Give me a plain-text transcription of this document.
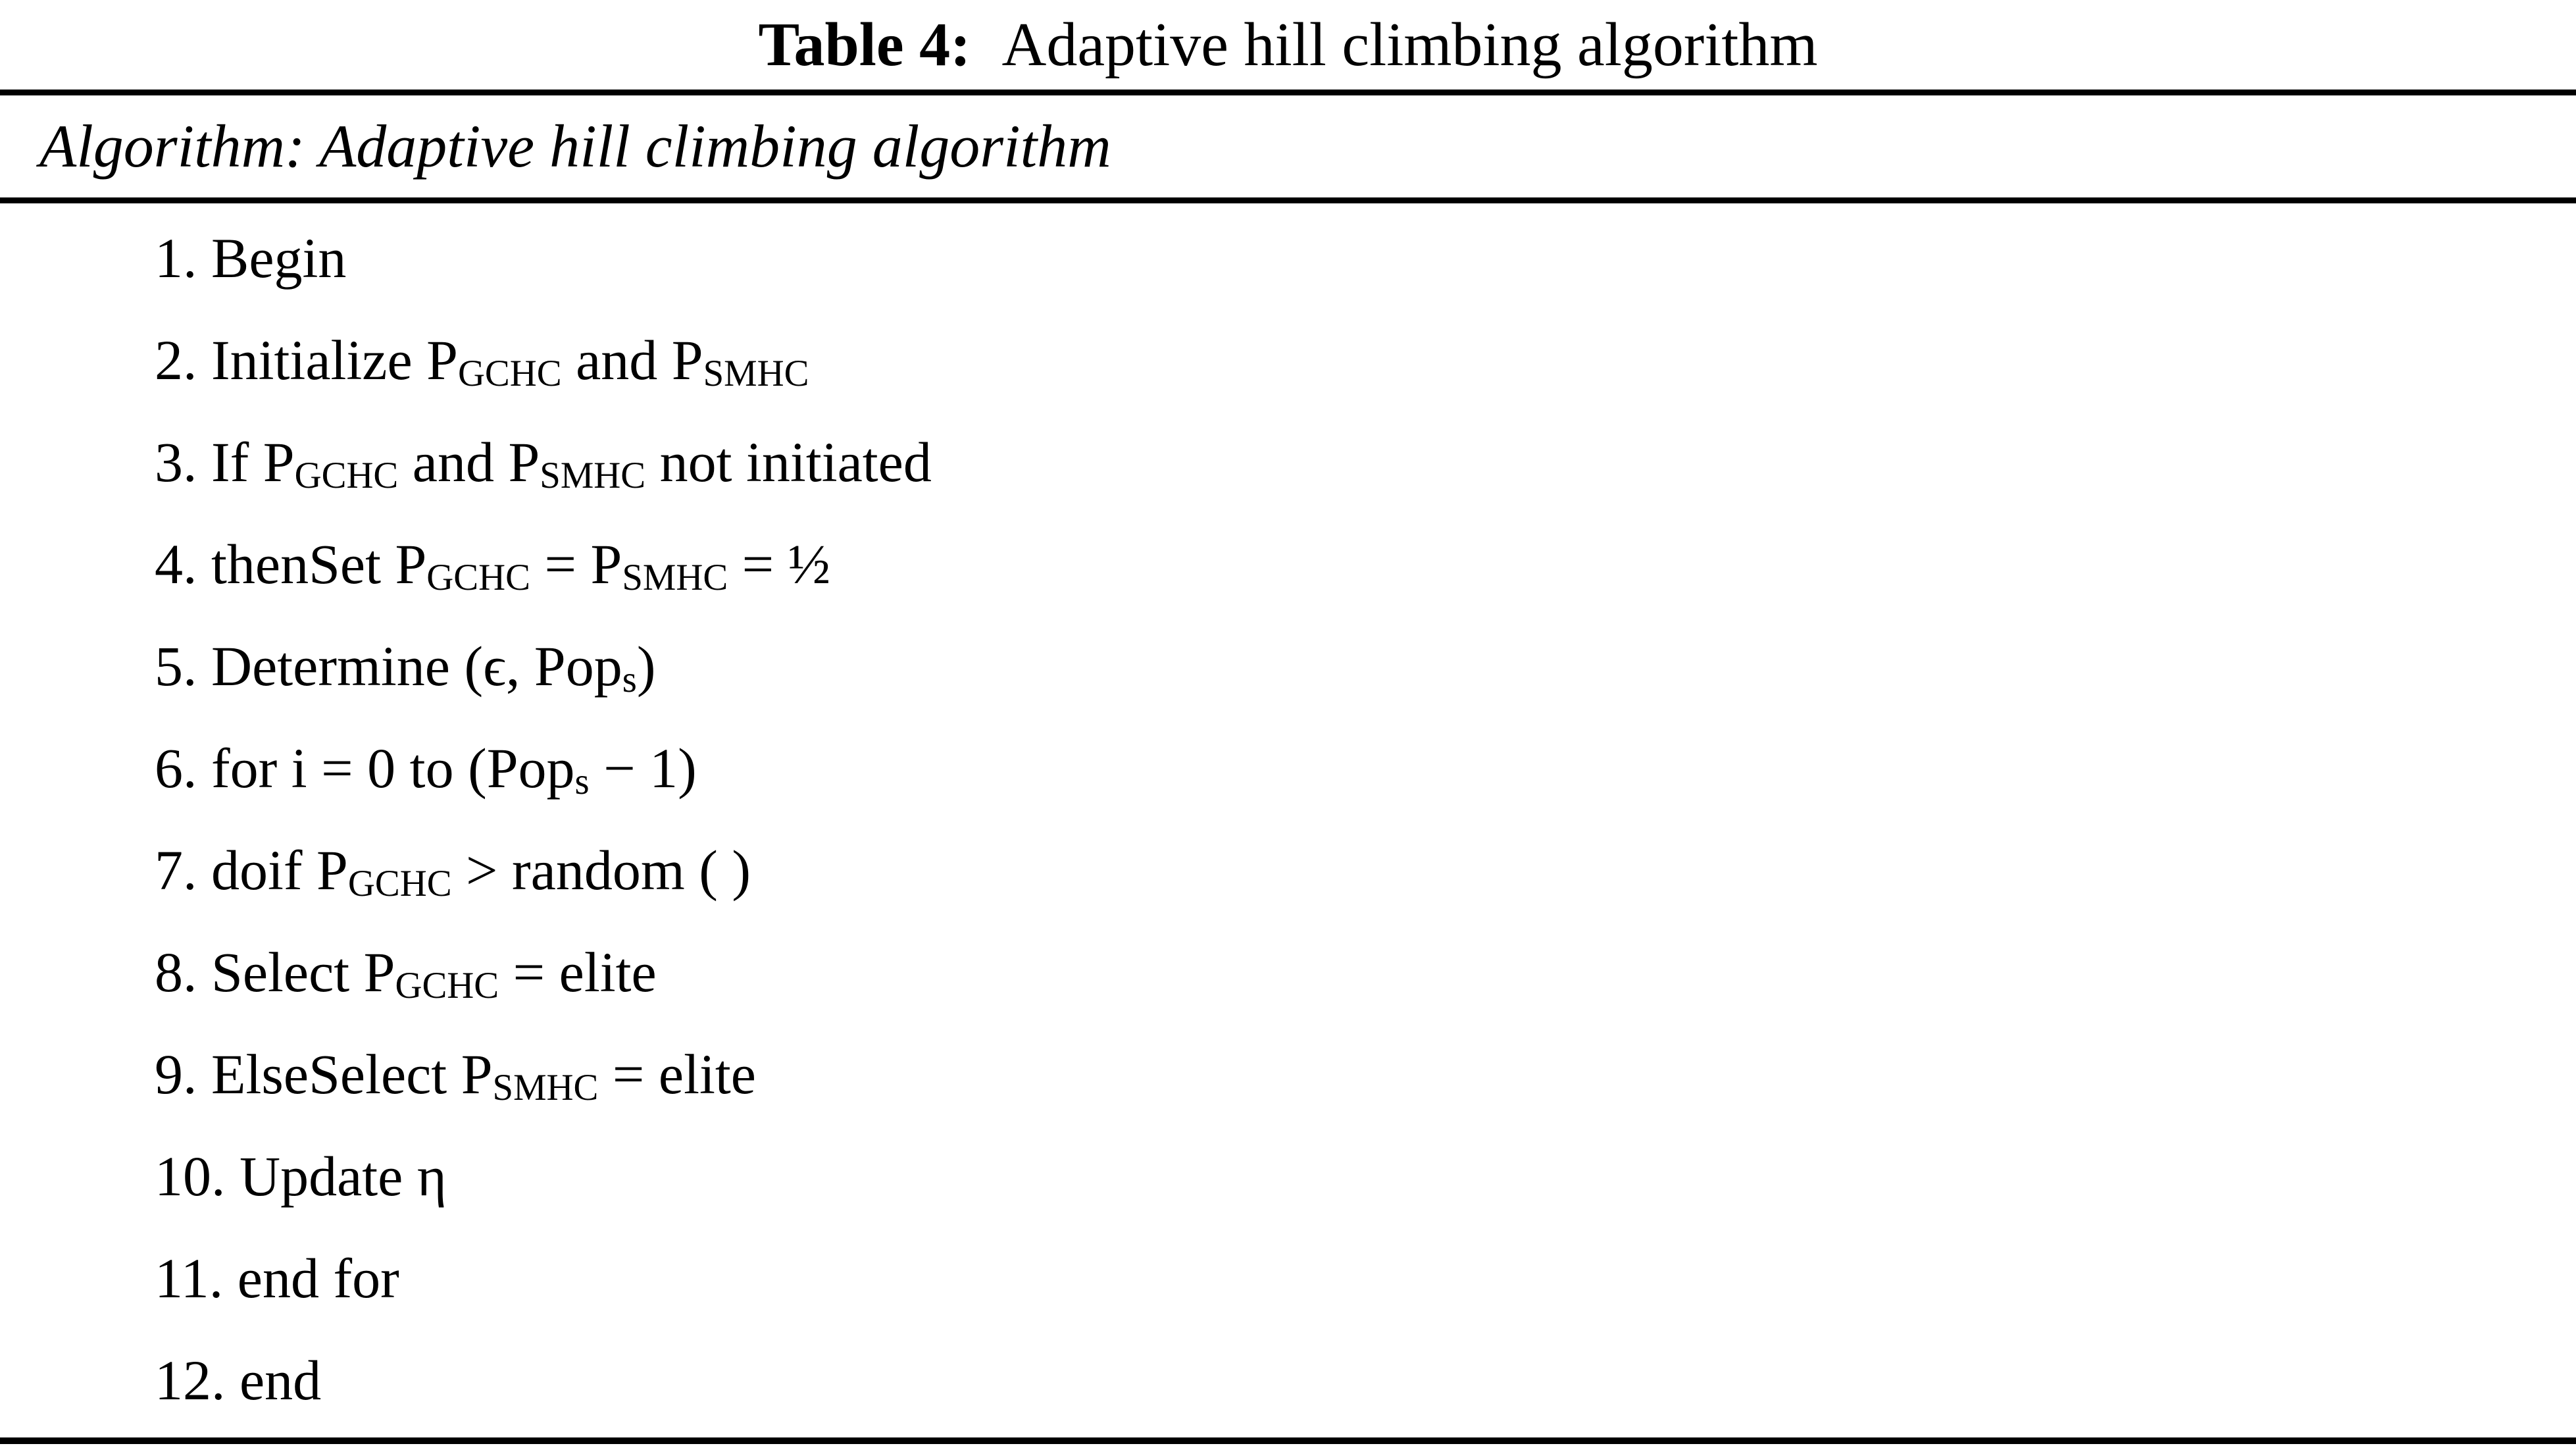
Table 4: Adaptive hill climbing algorithm
Algorithm: Adaptive hill climbing algorithm
1. Begin
2. Initialize $P_{GCHC}$ and $P_{SMHC}$
3. If $P_{GCHC}$ and $P_{SMHC}$ not initiated
4. thenSet $P_{GCHC} = P_{SMHC}$ = ½
5. Determine (ϵ, Pop$_s$)
6. for i = 0 to (Pop$_s$ − 1)
7. doif $P_{GCHC}$ > random ( )
8. Select $P_{GCHC}$ = elite
9. ElseSelect $P_{SMHC}$ = elite
10. Update η
11. end for
12. end
